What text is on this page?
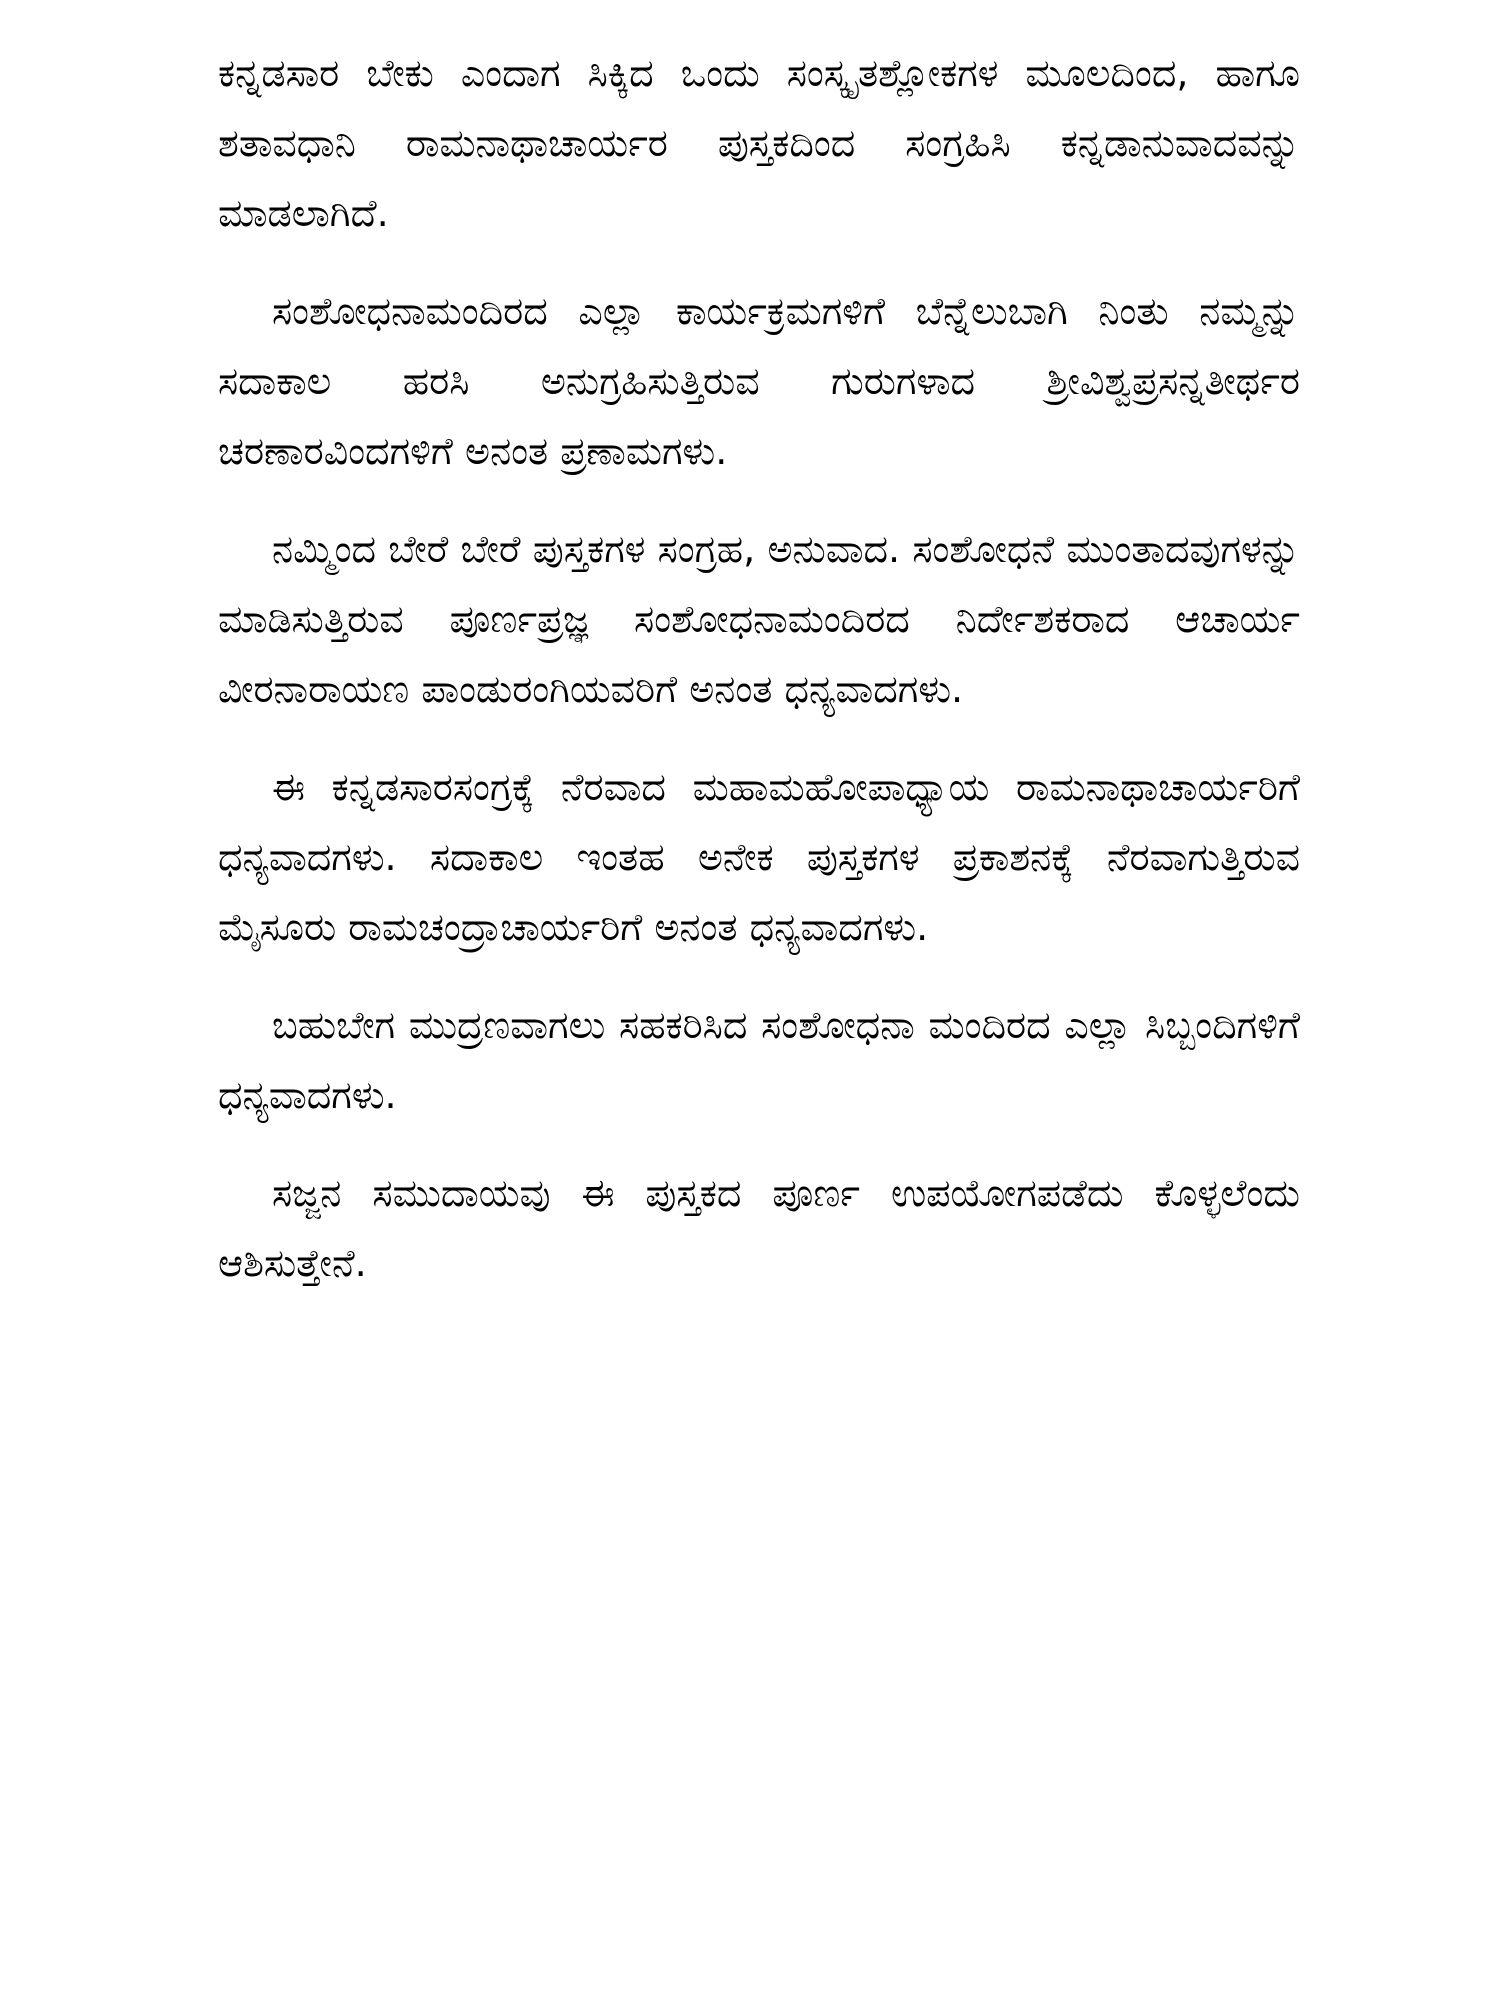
ಕನ್ನಡಸಾರ ಬೇಕು ಎಂದಾಗ ಸಿಕ್ಕಿದ ಒಂದು ಸಂಸ್ಕೃತಶ್ಲೋಕಗಳ ಮೂಲದಿಂದ, ಹಾಗೂ ಶತಾವಧಾನಿ ರಾಮನಾಥಾಚಾರ್ಯರ ಪುಸ್ತಕದಿಂದ ಸಂಗ್ರಹಿಸಿ ಕನ್ನಡಾನುವಾದವನ್ನು ಮಾಡಲಾಗಿದೆ.

ಸಂಶೋಧನಾಮಂದಿರದ ಎಲ್ಲಾ ಕಾರ್ಯಕ್ರಮಗಳಿಗೆ ಬೆನ್ನೆಲುಬಾಗಿ ನಿಂತು ನಮ್ಮನ್ನು ಸದಾಕಾಲ ಹರಸಿ ಅನುಗ್ರಹಿಸುತ್ತಿರುವ ಗುರುಗಳಾದ ಶ್ರೀವಿಶ್ವಪ್ರಸನ್ನತೀರ್ಥರ ಚರಣಾರವಿಂದಗಳಿಗೆ ಅನಂತ ಪ್ರಣಾಮಗಳು.

ನಮ್ಮಿಂದ ಬೇರೆ ಬೇರೆ ಪುಸ್ತಕಗಳ ಸಂಗ್ರಹ, ಅನುವಾದ. ಸಂಶೋಧನೆ ಮುಂತಾದವುಗಳನ್ನು ಮಾಡಿಸುತ್ತಿರುವ ಪೂರ್ಣಪ್ರಜ್ಞ ಸಂಶೋಧನಾಮಂದಿರದ ನಿರ್ದೇಶಕರಾದ ಆಚಾರ್ಯ ವೀರನಾರಾಯಣ ಪಾಂಡುರಂಗಿಯವರಿಗೆ ಅನಂತ ಧನ್ಯವಾದಗಳು.

ಈ ಕನ್ನಡಸಾರಸಂಗ್ರಕ್ಕೆ ನೆರವಾದ ಮಹಾಮಹೋಪಾಧ್ಯಾಯ ರಾಮನಾಥಾಚಾರ್ಯರಿಗೆ ಧನ್ಯವಾದಗಳು. ಸದಾಕಾಲ ಇಂತಹ ಅನೇಕ ಪುಸ್ತಕಗಳ ಪ್ರಕಾಶನಕ್ಕೆ ನೆರವಾಗುತ್ತಿರುವ ಮೈಸೂರು ರಾಮಚಂದ್ರಾಚಾರ್ಯರಿಗೆ ಅನಂತ ಧನ್ಯವಾದಗಳು.

ಬಹುಬೇಗ ಮುದ್ರಣವಾಗಲು ಸಹಕರಿಸಿದ ಸಂಶೋಧನಾ ಮಂದಿರದ ಎಲ್ಲಾ ಸಿಬ್ಬಂದಿಗಳಿಗೆ ಧನ್ಯವಾದಗಳು.

ಸಜ್ಜನ ಸಮುದಾಯವು ಈ ಪುಸ್ತಕದ ಪೂರ್ಣ ಉಪಯೋಗಪಡೆದು ಕೊಳ್ಳಲೆಂದು ಆಶಿಸುತ್ತೇನೆ.
